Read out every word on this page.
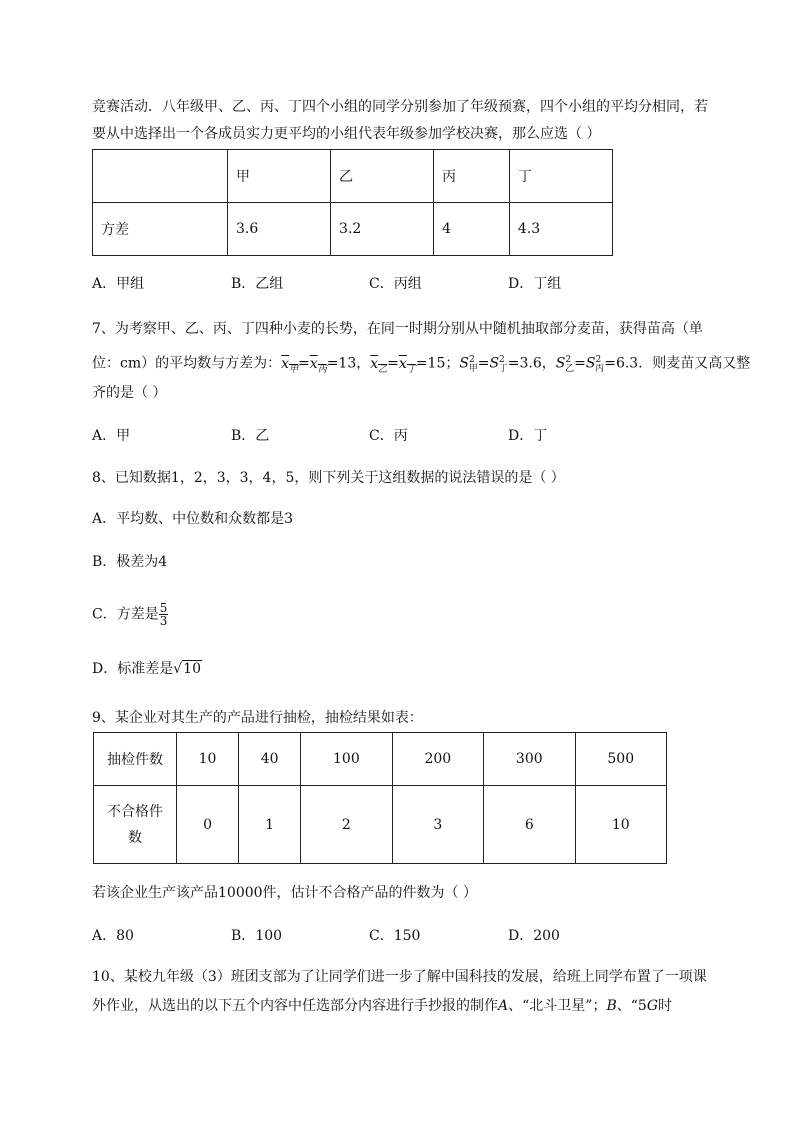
竞赛活动．八年级甲、乙、丙、丁四个小组的同学分别参加了年级预赛，四个小组的平均分相同，若
要从中选择出一个各成员实力更平均的小组代表年级参加学校决赛，那么应选（ ）
	甲	乙	丙	丁
方差	3.6	3.2	4	4.3
A．甲组	B．乙组	C．丙组	D．丁组
7、为考察甲、乙、丙、丁四种小麦的长势，在同一时期分别从中随机抽取部分麦苗，获得苗高（单
位：cm）的平均数与方差为：$x_甲=x_丙=13$，$x_乙=x_丁=15$；$S^2_甲=S^2_丁=3.6$，$S^2_乙=S^2_丙=6.3$．则麦苗又高又整
齐的是（ ）
A．甲	B．乙	C．丙	D．丁
8、已知数据1，2，3，3，4，5，则下列关于这组数据的说法错误的是（ ）
A．平均数、中位数和众数都是3
B．极差为4
C．方差是 $\frac{5}{3}$
D．标准差是√10
9、某企业对其生产的产品进行抽检，抽检结果如表：
抽检件数	10	40	100	200	300	500

不合格件
数	0	1	2	3	6	10
若该企业生产该产品10000件，估计不合格产品的件数为（ ）
A．80	B．100	C．150	D．200
10、某校九年级（3）班团支部为了让同学们进一步了解中国科技的发展，给班上同学布置了一项课
外作业，从选出的以下五个内容中任选部分内容进行手抄报的制作A、“北斗卫星”；B、“5G时
